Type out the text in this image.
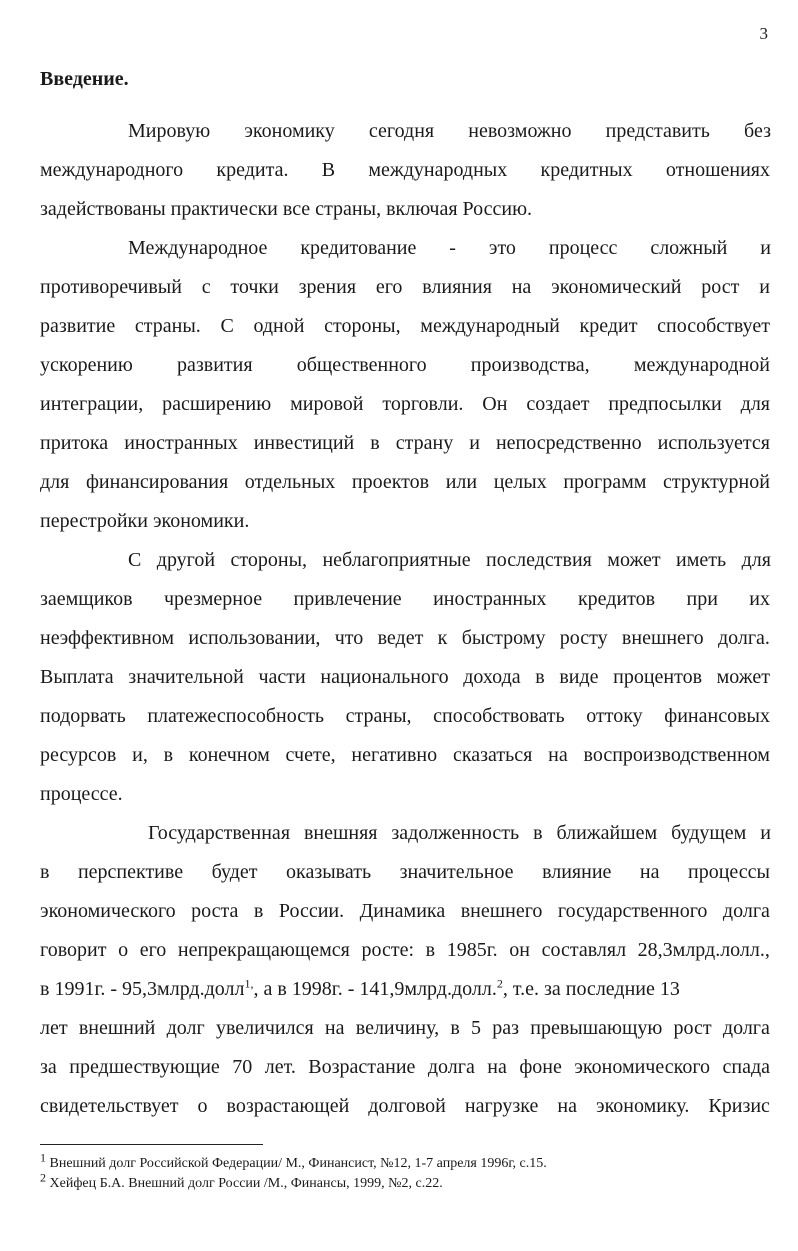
3
Введение.
Мировую экономику сегодня невозможно представить без
международного кредита. В международных кредитных отношениях
задействованы практически все страны, включая Россию.
Международное кредитование - это процесс сложный и
противоречивый с точки зрения его влияния на экономический рост и
развитие страны. С одной стороны, международный кредит способствует
ускорению развития общественного производства, международной
интеграции, расширению мировой торговли. Он создает предпосылки для
притока иностранных инвестиций в страну и непосредственно используется
для финансирования отдельных проектов или целых программ структурной
перестройки экономики.
С другой стороны, неблагоприятные последствия может иметь для
заемщиков чрезмерное привлечение иностранных кредитов при их
неэффективном использовании, что ведет к быстрому росту внешнего долга.
Выплата значительной части национального дохода в виде процентов может
подорвать платежеспособность страны, способствовать оттоку финансовых
ресурсов и, в конечном счете, негативно сказаться на воспроизводственном
процессе.
Государственная внешняя задолженность в ближайшем будущем и
в перспективе будет оказывать значительное влияние на процессы
экономического роста в России. Динамика внешнего государственного долга
говорит о его непрекращающемся росте: в 1985г. он составлял 28,3млрд.лолл.,
в 1991г. - 95,3млрд.долл$^{1,}$, а в 1998г. - 141,9млрд.долл.$^2$, т.е. за последние 13
лет внешний долг увеличился на величину, в 5 раз превышающую рост долга
за предшествующие 70 лет. Возрастание долга на фоне экономического спада
свидетельствует о возрастающей долговой нагрузке на экономику. Кризис
$^1$ Внешний долг Российской Федерации/ М., Финансист, №12, 1-7 апреля 1996г, с.15.
$^2$ Хейфец Б.А. Внешний долг России /М., Финансы, 1999, №2, с.22.
